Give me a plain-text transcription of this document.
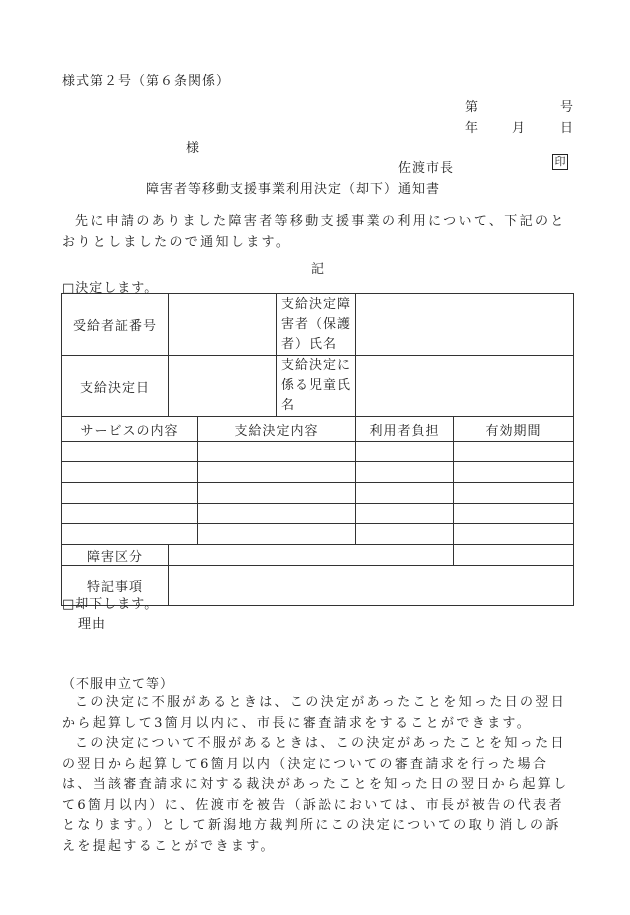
様式第２号（第６条関係）
第	号
年	月	日
様
佐渡市長	印
障害者等移動支援事業利用決定（却下）通知書
先に申請のありました障害者等移動支援事業の利用について、下記のとおりとしましたので通知します。
記
□決定します。
受給者証番号			支給決定障害者（保護者）氏名		
支給決定日			支給決定に係る児童氏名		
サービスの内容		支給決定内容		利用者負担	有効期間

障害区分					
特記事項					
□却下します。
理由
（不服申立て等）
この決定に不服があるときは、この決定があったことを知った日の翌日から起算して3箇月以内に、市長に審査請求をすることができます。
この決定について不服があるときは、この決定があったことを知った日の翌日から起算して6箇月以内（決定についての審査請求を行った場合は、当該審査請求に対する裁決があったことを知った日の翌日から起算して6箇月以内）に、佐渡市を被告（訴訟においては、市長が被告の代表者となります。）として新潟地方裁判所にこの決定についての取り消しの訴えを提起することができます。
